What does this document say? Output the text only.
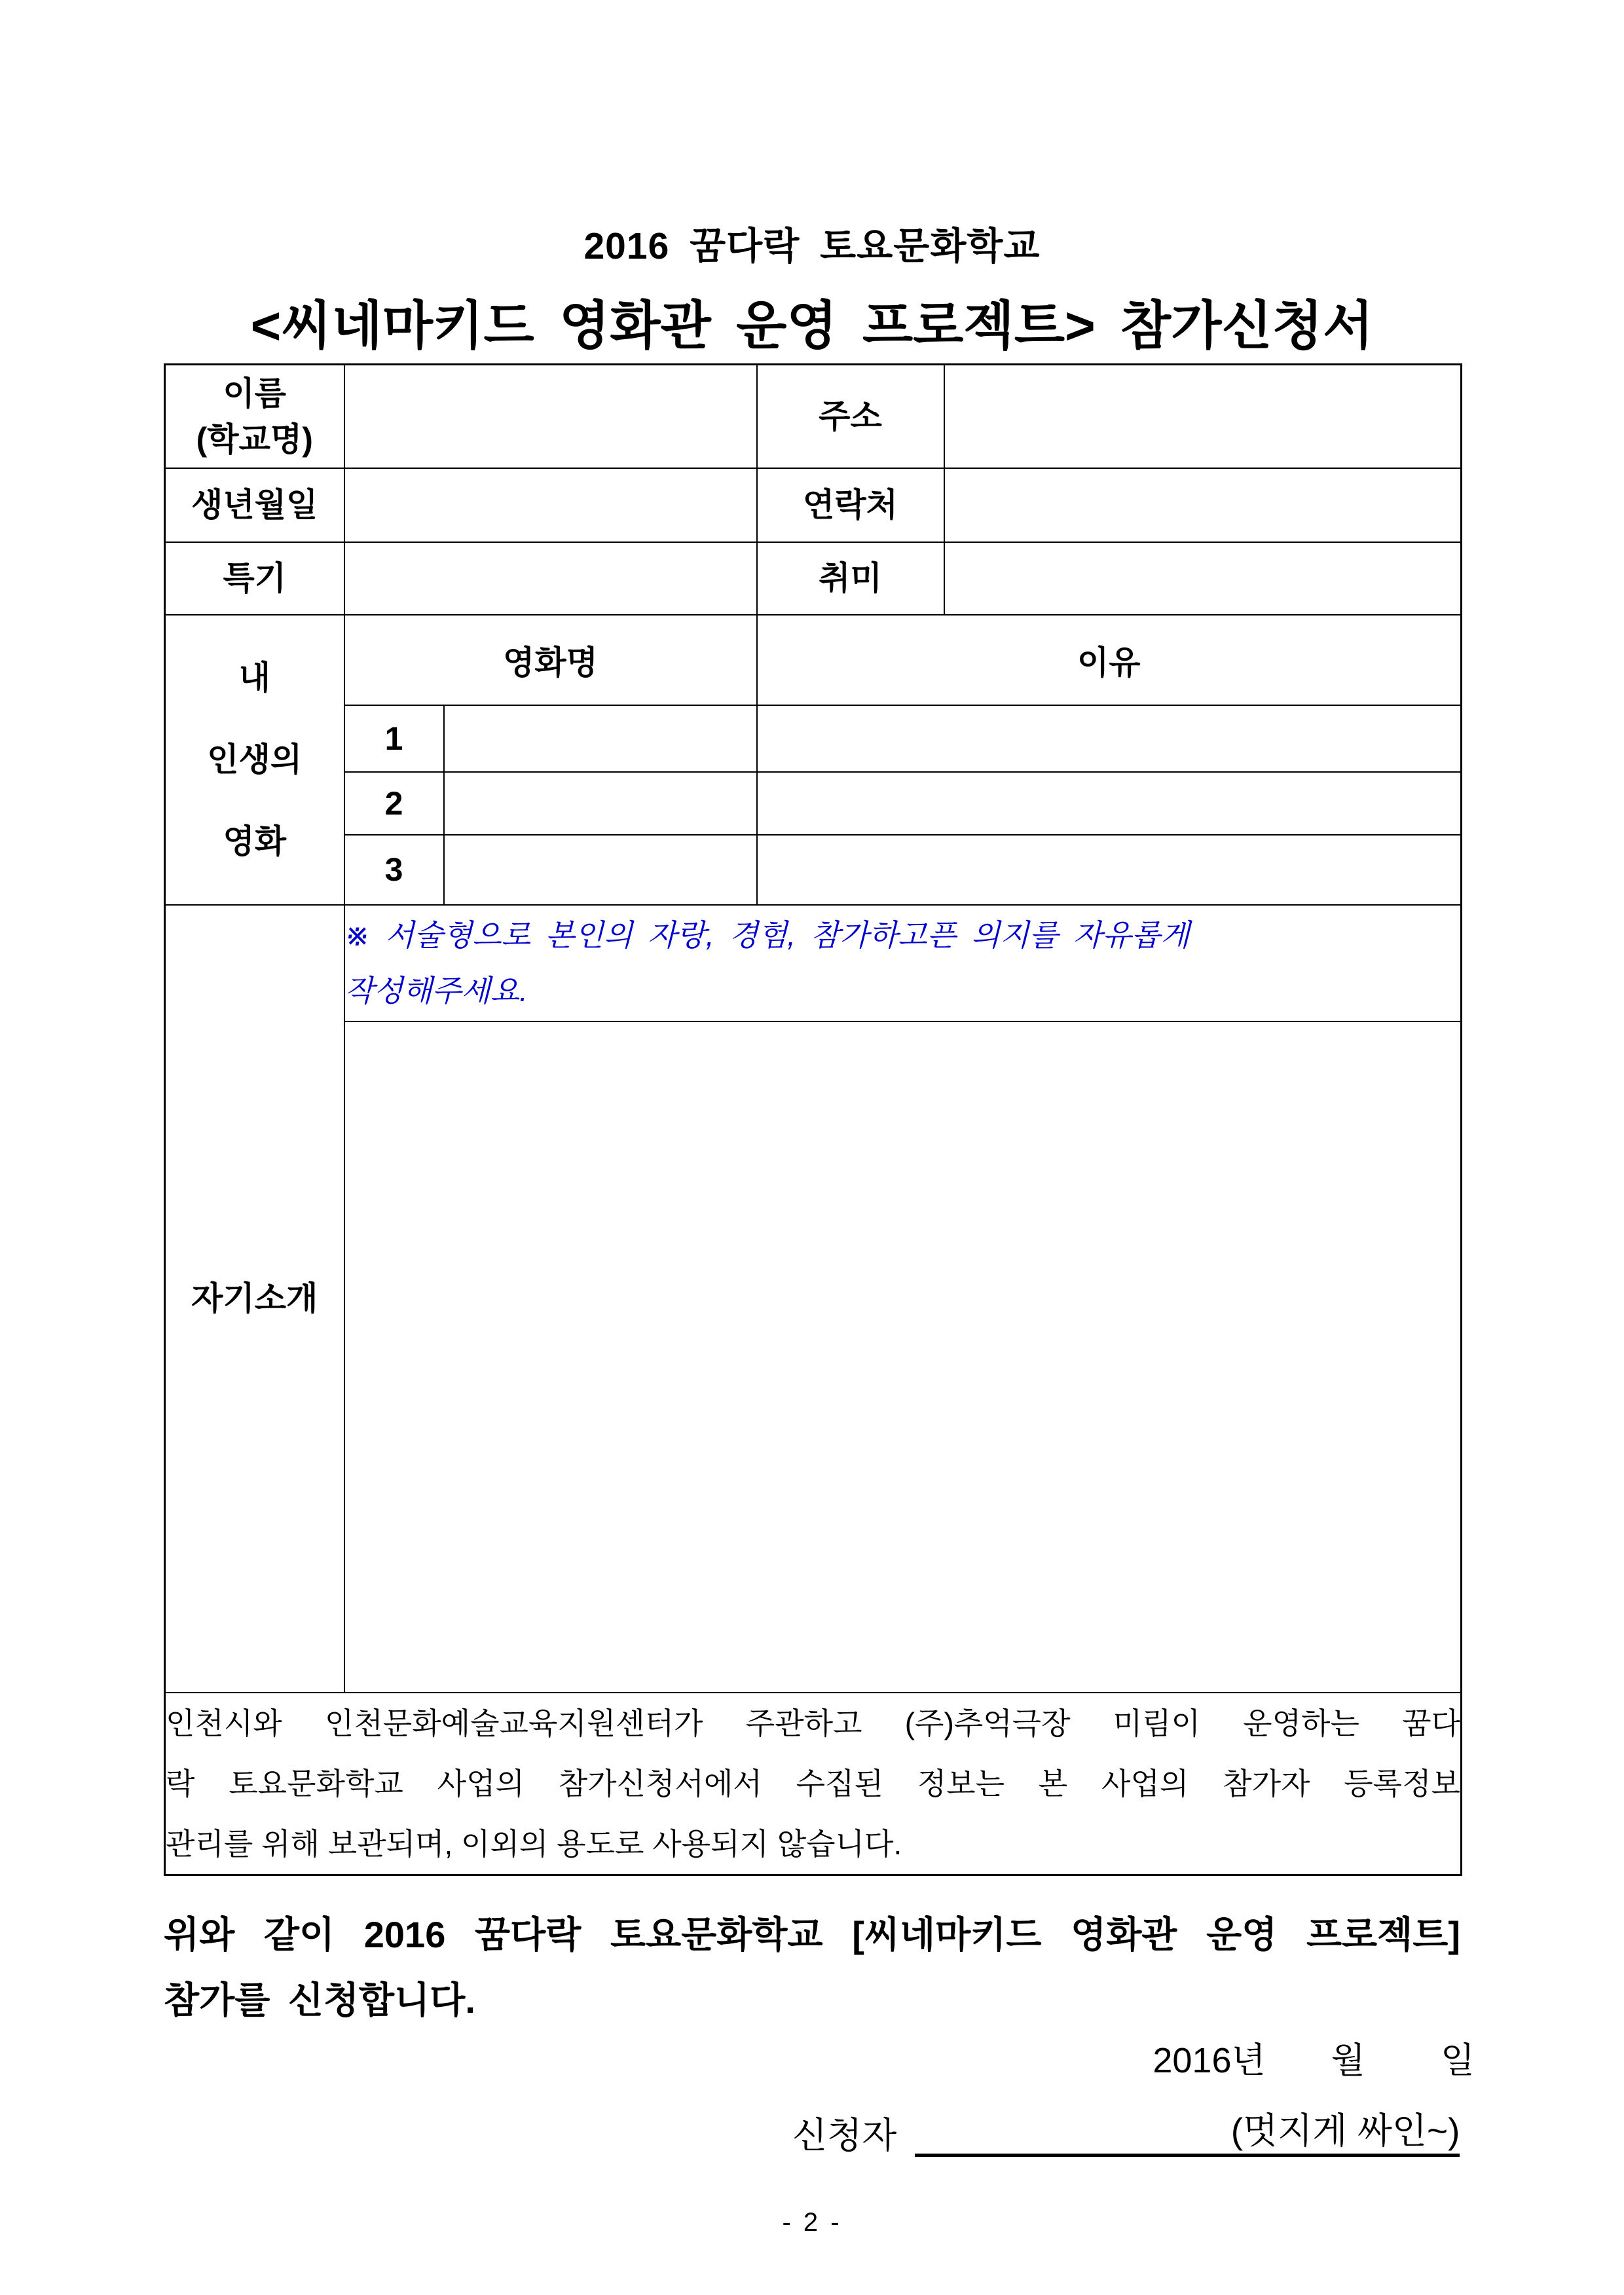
2016 꿈다락 토요문화학교
<씨네마키드 영화관 운영 프로젝트> 참가신청서
이름
(학교명)			주소	
생년월일			연락처	
특기			취미	

내
인생의
영화	영화명		이유	
	1			
	2			
	3			
자기소개	※ 서술형으로 본인의 자랑, 경험, 참가하고픈 의지를 자유롭게
작성해주세요.			

인천시와 인천문화예술교육지원센터가 주관하고 (주)추억극장 미림이 운영하는 꿈다
락 토요문화학교 사업의 참가신청서에서 수집된 정보는 본 사업의 참가자 등록정보
관리를 위해 보관되며, 이외의 용도로 사용되지 않습니다.				
위와 같이 2016 꿈다락 토요문화학교 [씨네마키드 영화관 운영 프로젝트]
참가를 신청합니다.
2016년 월 일
신청자	(멋지게 싸인~)
- 2 -
